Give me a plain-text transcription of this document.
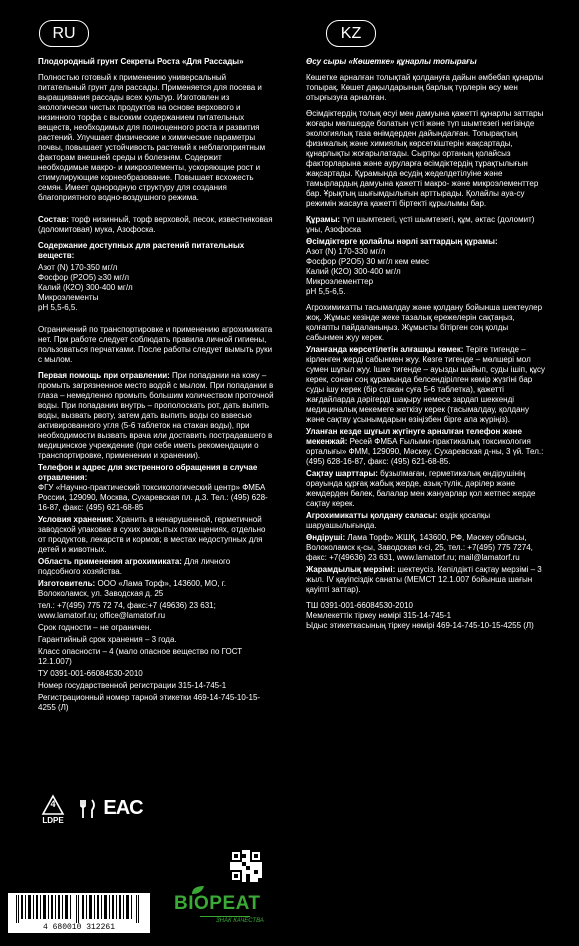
RU	KZ

Плодородный грунт Секреты Роста «Для Рассады»

Полностью готовый к применению универсальный питательный грунт для рассады. Применяется для посева и выращивания рассады всех культур. Изготовлен из экологически чистых продуктов на основе верхового и низинного торфа с высоким содержанием питательных веществ, необходимых для полноценного роста и развития растений. Улучшает физические и химические параметры почвы, повышает устойчивость растений к неблагоприятным факторам внешней среды и болезням. Содержит необходимые макро- и микроэлементы, ускоряющие рост и стимулирующие корнеобразование. Повышает всхожесть семян. Имеет однородную структуру для создания благоприятного водно-воздушного режима.

Состав: торф низинный, торф верховой, песок, известняковая (доломитовая) мука, Азофоска.

Содержание доступных для растений питательных веществ:

Азот (N) 170-350 мг/л
Фосфор (Р2О5) ≥30 мг/л
Калий (К2О) 300-400 мг/л
Микроэлементы
pH 5,5-6,5.

Ограничений по транспортировке и применению агрохимиката нет. При работе следует соблюдать правила личной гигиены, пользоваться перчатками. После работы следует вымыть руки с мылом.

Первая помощь при отравлении: При попадании на кожу – промыть загрязненное место водой с мылом. При попадании в глаза – немедленно промыть большим количеством проточной воды. При попадании внутрь – прополоскать рот, дать выпить воды, вызвать рвоту, затем дать выпить воды со взвесью активированного угля (5-6 таблеток на стакан воды), при необходимости вызвать врача или доставить пострадавшего в медицинское учреждение (при себе иметь рекомендации о транспортировке, применении и хранении).

Телефон и адрес для экстренного обращения в случае отравления:
ФГУ «Научно-практический токсикологический центр» ФМБА России, 129090, Москва, Сухаревская пл. д.3. Тел.: (495) 628-16-87, факс: (495) 621-68-85

Условия хранения: Хранить в ненарушенной, герметичной заводской упаковке в сухих закрытых помещениях, отдельно от продуктов, лекарств и кормов; в местах недоступных для детей и животных.

Область применения агрохимиката: Для личного подсобного хозяйства.

Изготовитель: ООО «Лама Торф», 143600, МО, г. Волоколамск, ул. Заводская д. 25

тел.: +7(495) 775 72 74, факс:+7 (49636) 23 631; www.lamatorf.ru; office@lamatorf.ru

Срок годности – не ограничен.

Гарантийный срок хранения – 3 года.

Класс опасности – 4 (мало опасное вещество по ГОСТ 12.1.007)

ТУ 0391-001-66084530-2010

Номер государственной регистрации 315-14-745-1

Регистрационный номер тарной этикетки 469-14-745-10-15-4255 (Л)

Өсу сыры «Көшетке» құнарлы топырағы

Көшетке арналған толықтай қолдануға дайын әмбебап құнарлы топырақ. Көшет дақылдарының барлық түрлерін өсу мен отырғызуға арналған.

Өсімдіктердің толық өсуі мен дамуына қажетті құнарлы заттары жоғары мөлшерде болатын үсті және түп шымтезегі негізінде экологиялық таза өнімдерден дайындалған. Топырақтың физикалық және химиялық көрсеткіштерін жақсартады, құнарлықты жоғарылатады. Сыртқы ортаның қолайсыз факторларына және ауруларға өсімдіктердің тұрақтылығын жақсартады. Құрамында өсудің жеделдетілуіне және тамырлардың дамуына қажетті макро- және микроэлементтер бар. Ұрықтың шығымдылығын арттырады. Қолайлы ауа-су режимін жасауға қажетті біртекті құрылымы бар.

Құрамы: түп шымтезегі, үсті шымтезегі, құм, әктас (доломит) ұны, Азофоска

Өсімдіктерге қолайлы нәрлі заттардың құрамы:

Азот (N) 170-330 мг/л
Фосфор (Р2О5) 30 мг/л кем емес
Калий (К2О) 300-400 мг/л
Микроэлементтер
pH 5,5-6,5.

Агрохимикатты тасымалдау және қолдану бойынша шектеулер жоқ. Жұмыс кезінде жеке тазалық ережелерін сақтаңыз, қолғапты пайдаланыңыз. Жұмысты бітірген соң қолды сабынмен жуу керек.

Уланғанда көрсетілетін алғашқы көмек: Теріге тигенде – кірленген жерді сабынмен жуу. Көзге тигенде – мөлшері мол сумен шұғыл жуу. Ішке тигенде – ауызды шайып, суды ішіп, құсу керек, сонан соң құрамында белсендірілген көмір жүзгіні бар суды ішу керек (бір стакан суға 5-6 таблетка), қажетті жағдайларда дәрігерді шақыру немесе зардап шеккенді медициналық мекемеге жеткізу керек (тасымалдау, қолдану және сақтау ұсынымдарын өзіңізбен бірге ала жүріңіз).

Уланған кезде шұғыл жүгінуге арналған телефон және мекенжай: Ресей ФМБА Ғылыми-практикалық токсикология орталығы» ФММ, 129090, Мәскеу, Сухаревская д-ны, 3 үй. Тел.: (495) 628-16-87, факс: (495) 621-68-85.

Сақтау шарттары: бұзылмаған, герметикалық өндірушінің орауында құрғақ жабық жерде, азық-түлік, дәрілер және жемдерден бөлек, балалар мен жануарлар қол жетпес жерде сақтау керек.

Агрохимикатты қолдану саласы: өздік қосалқы шаруашылығында.

Өндіруші: Лама Торф» ЖШҚ, 143600, РФ, Мәскеу облысы, Волоколамск қ-сы, Заводская к-сі, 25, тел.: +7(495) 775 7274, факс: +7(49636) 23 631, www.lamatorf.ru; mail@lamatorf.ru

Жарамдылық мерзімі: шектеусіз. Кепілдікті сақтау мерзімі – 3 жыл. IV қауіпсіздік санаты (МЕМСТ 12.1.007 бойынша шағын қауіпті заттар).

ТШ 0391-001-66084530-2010

Мемлекеттік тіркеу нөмірі 315-14-745-1

Ыдыс этикеткасының тіркеу нөмірі 469-14-745-10-15-4255 (Л)

4
LDPE
EAC
4 680010 312261
BIOPEAT
ЗНАК КАЧЕСТВА
